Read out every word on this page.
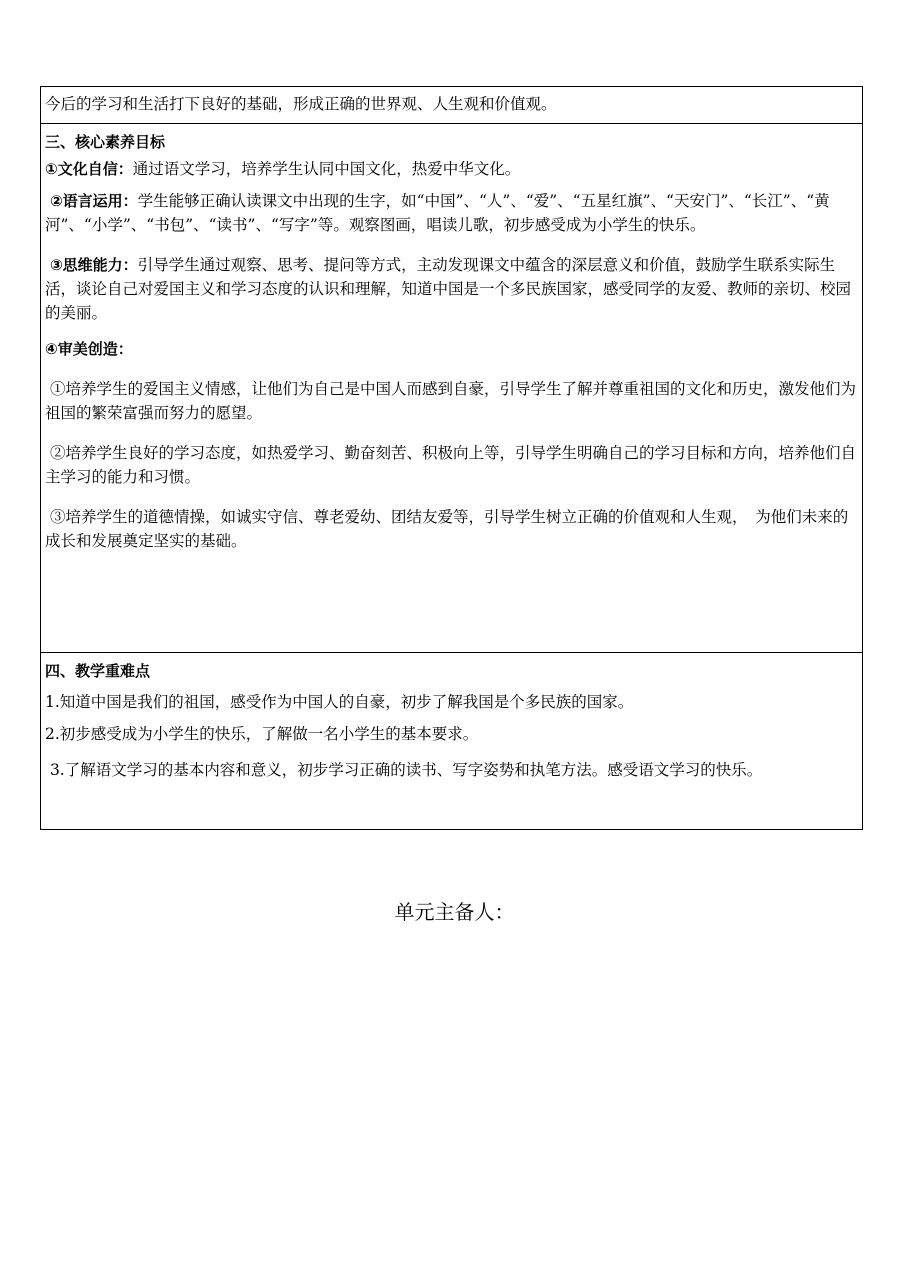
今后的学习和生活打下良好的基础，形成正确的世界观、人生观和价值观。

三、核心素养目标

①文化自信：通过语文学习，培养学生认同中国文化，热爱中华文化。

②语言运用：学生能够正确认读课文中出现的生字，如“中国”、“人”、“爱”、“五星红旗”、“天安门”、“长江”、“黄河”、“小学”、“书包”、“读书”、“写字”等。观察图画，唱读儿歌，初步感受成为小学生的快乐。

③思维能力：引导学生通过观察、思考、提问等方式，主动发现课文中蕴含的深层意义和价值，鼓励学生联系实际生活，谈论自己对爱国主义和学习态度的认识和理解，知道中国是一个多民族国家，感受同学的友爱、教师的亲切、校园的美丽。

④审美创造：

①培养学生的爱国主义情感，让他们为自己是中国人而感到自豪，引导学生了解并尊重祖国的文化和历史，激发他们为祖国的繁荣富强而努力的愿望。

②培养学生良好的学习态度，如热爱学习、勤奋刻苦、积极向上等，引导学生明确自己的学习目标和方向，培养他们自主学习的能力和习惯。

③培养学生的道德情操，如诚实守信、尊老爱幼、团结友爱等，引导学生树立正确的价值观和人生观，　为他们未来的成长和发展奠定坚实的基础。

四、教学重难点

1.知道中国是我们的祖国，感受作为中国人的自豪，初步了解我国是个多民族的国家。

2.初步感受成为小学生的快乐，了解做一名小学生的基本要求。

3.了解语文学习的基本内容和意义，初步学习正确的读书、写字姿势和执笔方法。感受语文学习的快乐。

单元主备人：
